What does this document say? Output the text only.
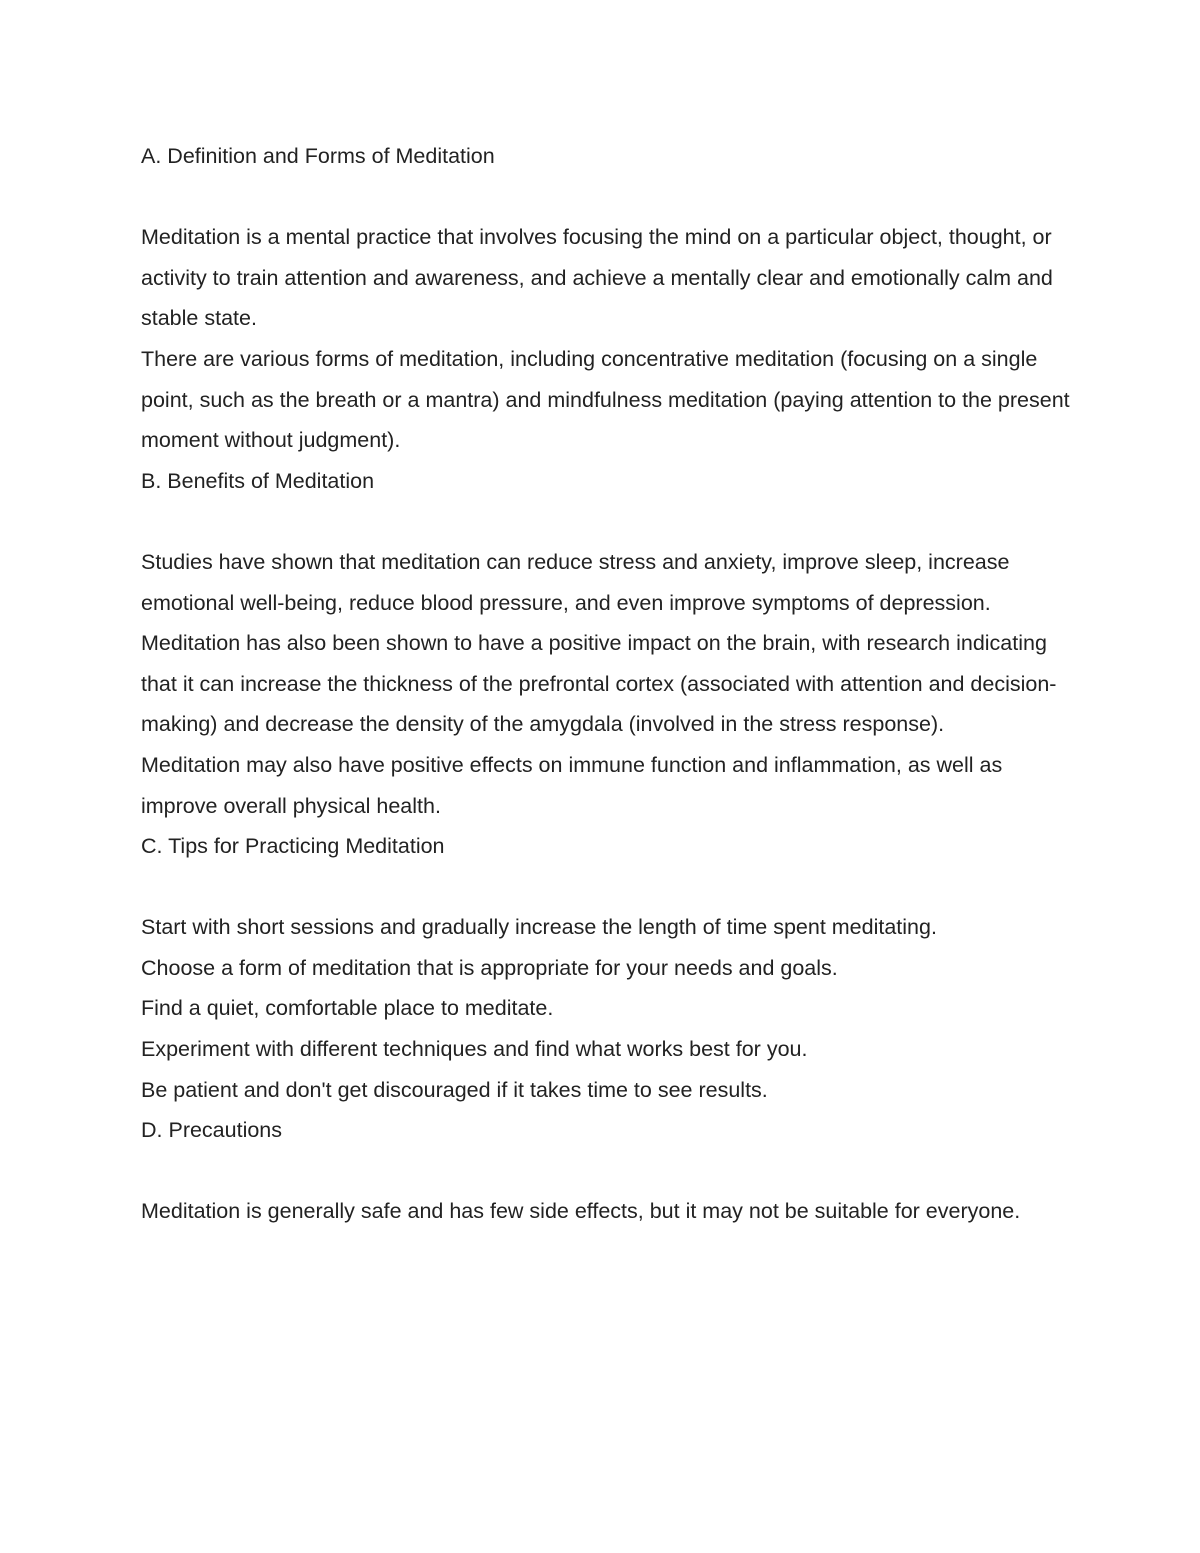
A. Definition and Forms of Meditation

Meditation is a mental practice that involves focusing the mind on a particular object, thought, or activity to train attention and awareness, and achieve a mentally clear and emotionally calm and stable state.

There are various forms of meditation, including concentrative meditation (focusing on a single point, such as the breath or a mantra) and mindfulness meditation (paying attention to the present moment without judgment).

B. Benefits of Meditation

Studies have shown that meditation can reduce stress and anxiety, improve sleep, increase emotional well-being, reduce blood pressure, and even improve symptoms of depression.

Meditation has also been shown to have a positive impact on the brain, with research indicating that it can increase the thickness of the prefrontal cortex (associated with attention and decision-making) and decrease the density of the amygdala (involved in the stress response).

Meditation may also have positive effects on immune function and inflammation, as well as improve overall physical health.

C. Tips for Practicing Meditation

Start with short sessions and gradually increase the length of time spent meditating.

Choose a form of meditation that is appropriate for your needs and goals.

Find a quiet, comfortable place to meditate.

Experiment with different techniques and find what works best for you.

Be patient and don't get discouraged if it takes time to see results.

D. Precautions

Meditation is generally safe and has few side effects, but it may not be suitable for everyone.
